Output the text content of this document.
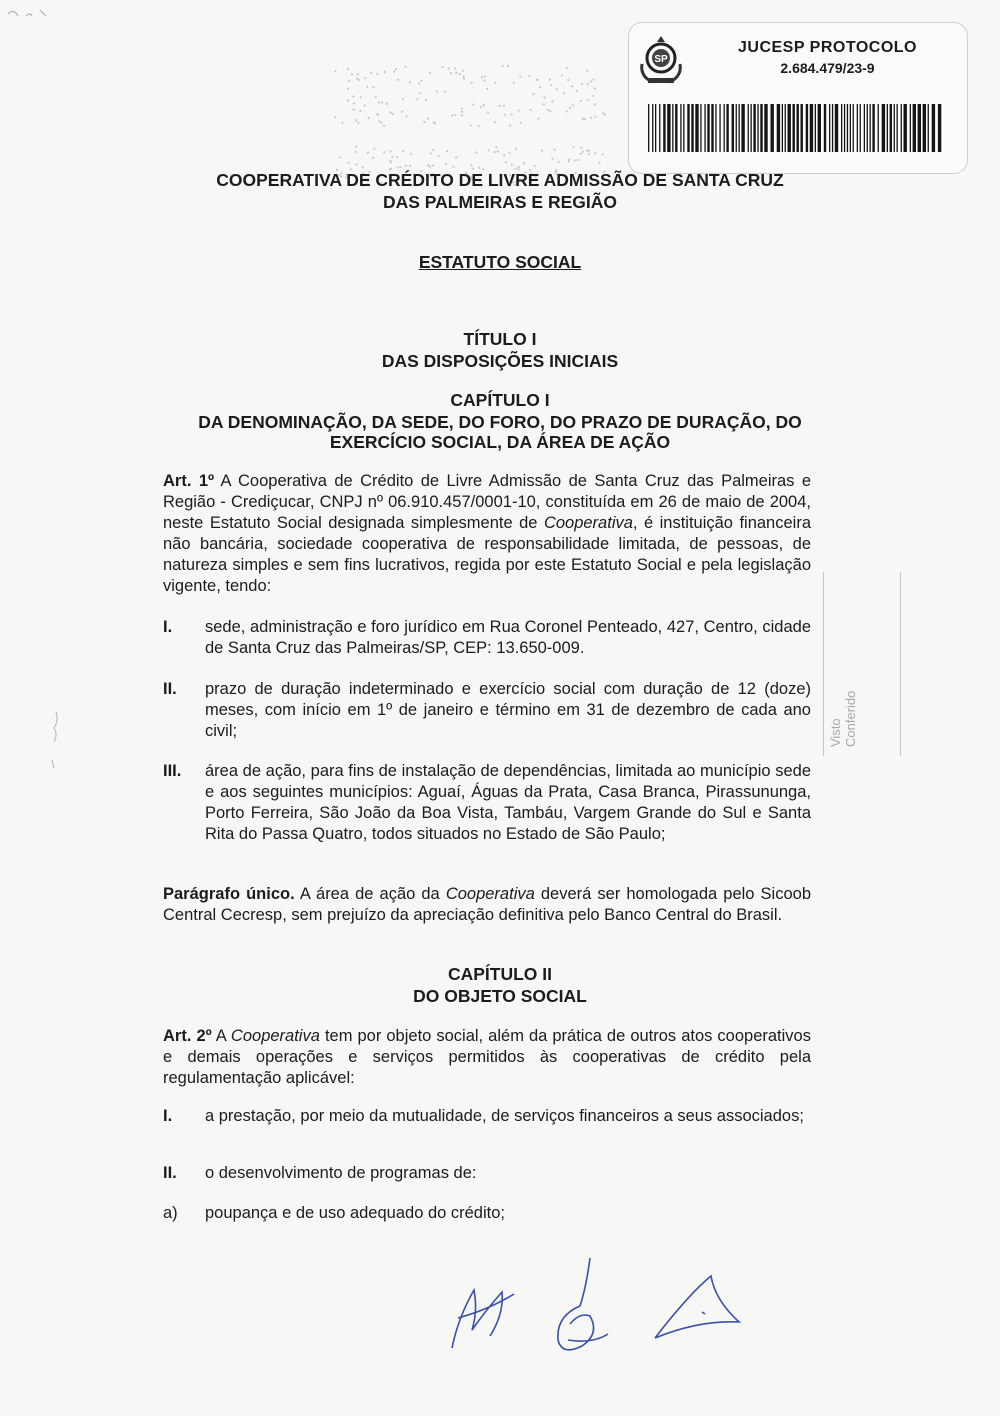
SP
JUCESP PROTOCOLO
2.684.479/23-9
COOPERATIVA DE CRÉDITO DE LIVRE ADMISSÃO DE SANTA CRUZ
DAS PALMEIRAS E REGIÃO
ESTATUTO SOCIAL
TÍTULO I
DAS DISPOSIÇÕES INICIAIS
CAPÍTULO I
DA DENOMINAÇÃO, DA SEDE, DO FORO, DO PRAZO DE DURAÇÃO, DO
EXERCÍCIO SOCIAL, DA ÁREA DE AÇÃO

Art. 1º A Cooperativa de Crédito de Livre Admissão de Santa Cruz das Palmeiras e Região - Crediçucar, CNPJ nº 06.910.457/0001-10, constituída em 26 de maio de 2004, neste Estatuto Social designada simplesmente de Cooperativa, é instituição financeira não bancária, sociedade cooperativa de responsabilidade limitada, de pessoas, de natureza simples e sem fins lucrativos, regida por este Estatuto Social e pela legislação vigente, tendo:

I. sede, administração e foro jurídico em Rua Coronel Penteado, 427, Centro, cidade de Santa Cruz das Palmeiras/SP, CEP: 13.650-009.
II. prazo de duração indeterminado e exercício social com duração de 12 (doze) meses, com início em 1º de janeiro e término em 31 de dezembro de cada ano civil;
III. área de ação, para fins de instalação de dependências, limitada ao município sede e aos seguintes municípios: Aguaí, Águas da Prata, Casa Branca, Pirassununga, Porto Ferreira, São João da Boa Vista, Tambáu, Vargem Grande do Sul e Santa Rita do Passa Quatro, todos situados no Estado de São Paulo;

Parágrafo único. A área de ação da Cooperativa deverá ser homologada pelo Sicoob Central Cecresp, sem prejuízo da apreciação definitiva pelo Banco Central do Brasil.

CAPÍTULO II
DO OBJETO SOCIAL

Art. 2º A Cooperativa tem por objeto social, além da prática de outros atos cooperativos e demais operações e serviços permitidos às cooperativas de crédito pela regulamentação aplicável:

I. a prestação, por meio da mutualidade, de serviços financeiros a seus associados;
II. o desenvolvimento de programas de:
a) poupança e de uso adequado do crédito;
Visto
Conferido
